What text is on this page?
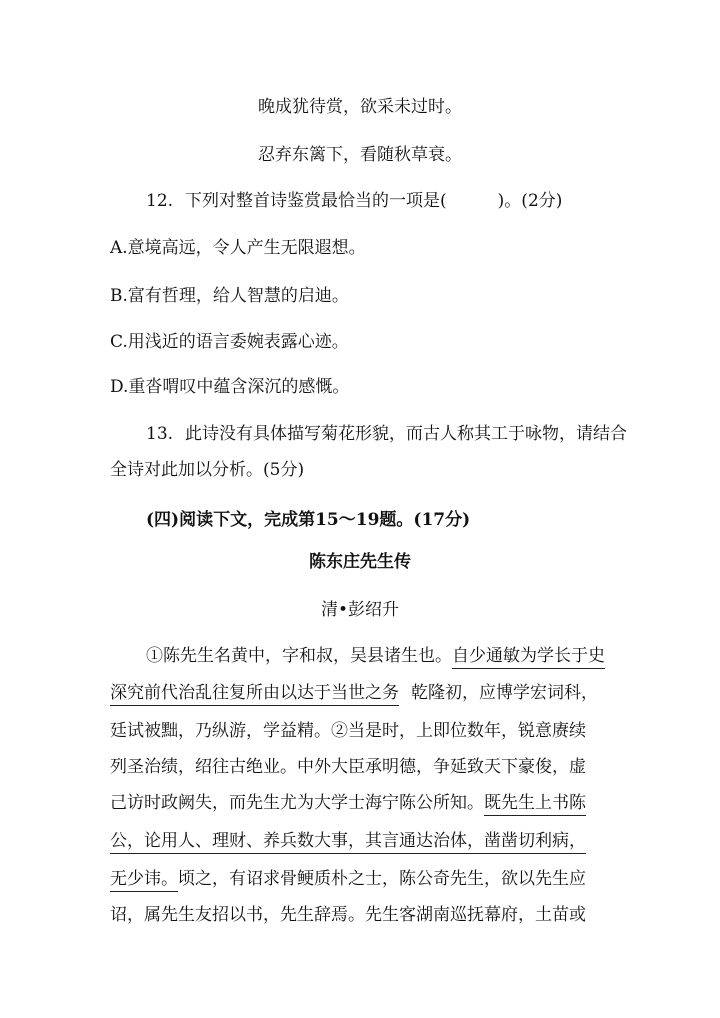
晚成犹待赏，欲采未过时。
忍弃东篱下，看随秋草衰。
12. 下列对整首诗鉴赏最恰当的一项是(　　　)。(2分)
A.意境高远，令人产生无限遐想。
B.富有哲理，给人智慧的启迪。
C.用浅近的语言委婉表露心迹。
D.重沓喟叹中蕴含深沉的感慨。
13. 此诗没有具体描写菊花形貌，而古人称其工于咏物，请结合
全诗对此加以分析。(5分)
(四)阅读下文，完成第15～19题。(17分)
陈东庄先生传
清•彭绍升
①陈先生名黄中，字和叔，吴县诸生也。自少通敏为学长于史
深究前代治乱往复所由以达于当世之务 乾隆初，应博学宏词科，
廷试被黜，乃纵游，学益精。②当是时，上即位数年，锐意赓续
列圣治绩，绍往古绝业。中外大臣承明德，争延致天下豪俊，虚
己访时政阙失，而先生尤为大学士海宁陈公所知。既先生上书陈
公，论用人、理财、养兵数大事，其言通达治体，凿凿切利病，
无少讳。顷之，有诏求骨鲠质朴之士，陈公奇先生，欲以先生应
诏，属先生友招以书，先生辞焉。先生客湖南巡抚幕府，土苗或
